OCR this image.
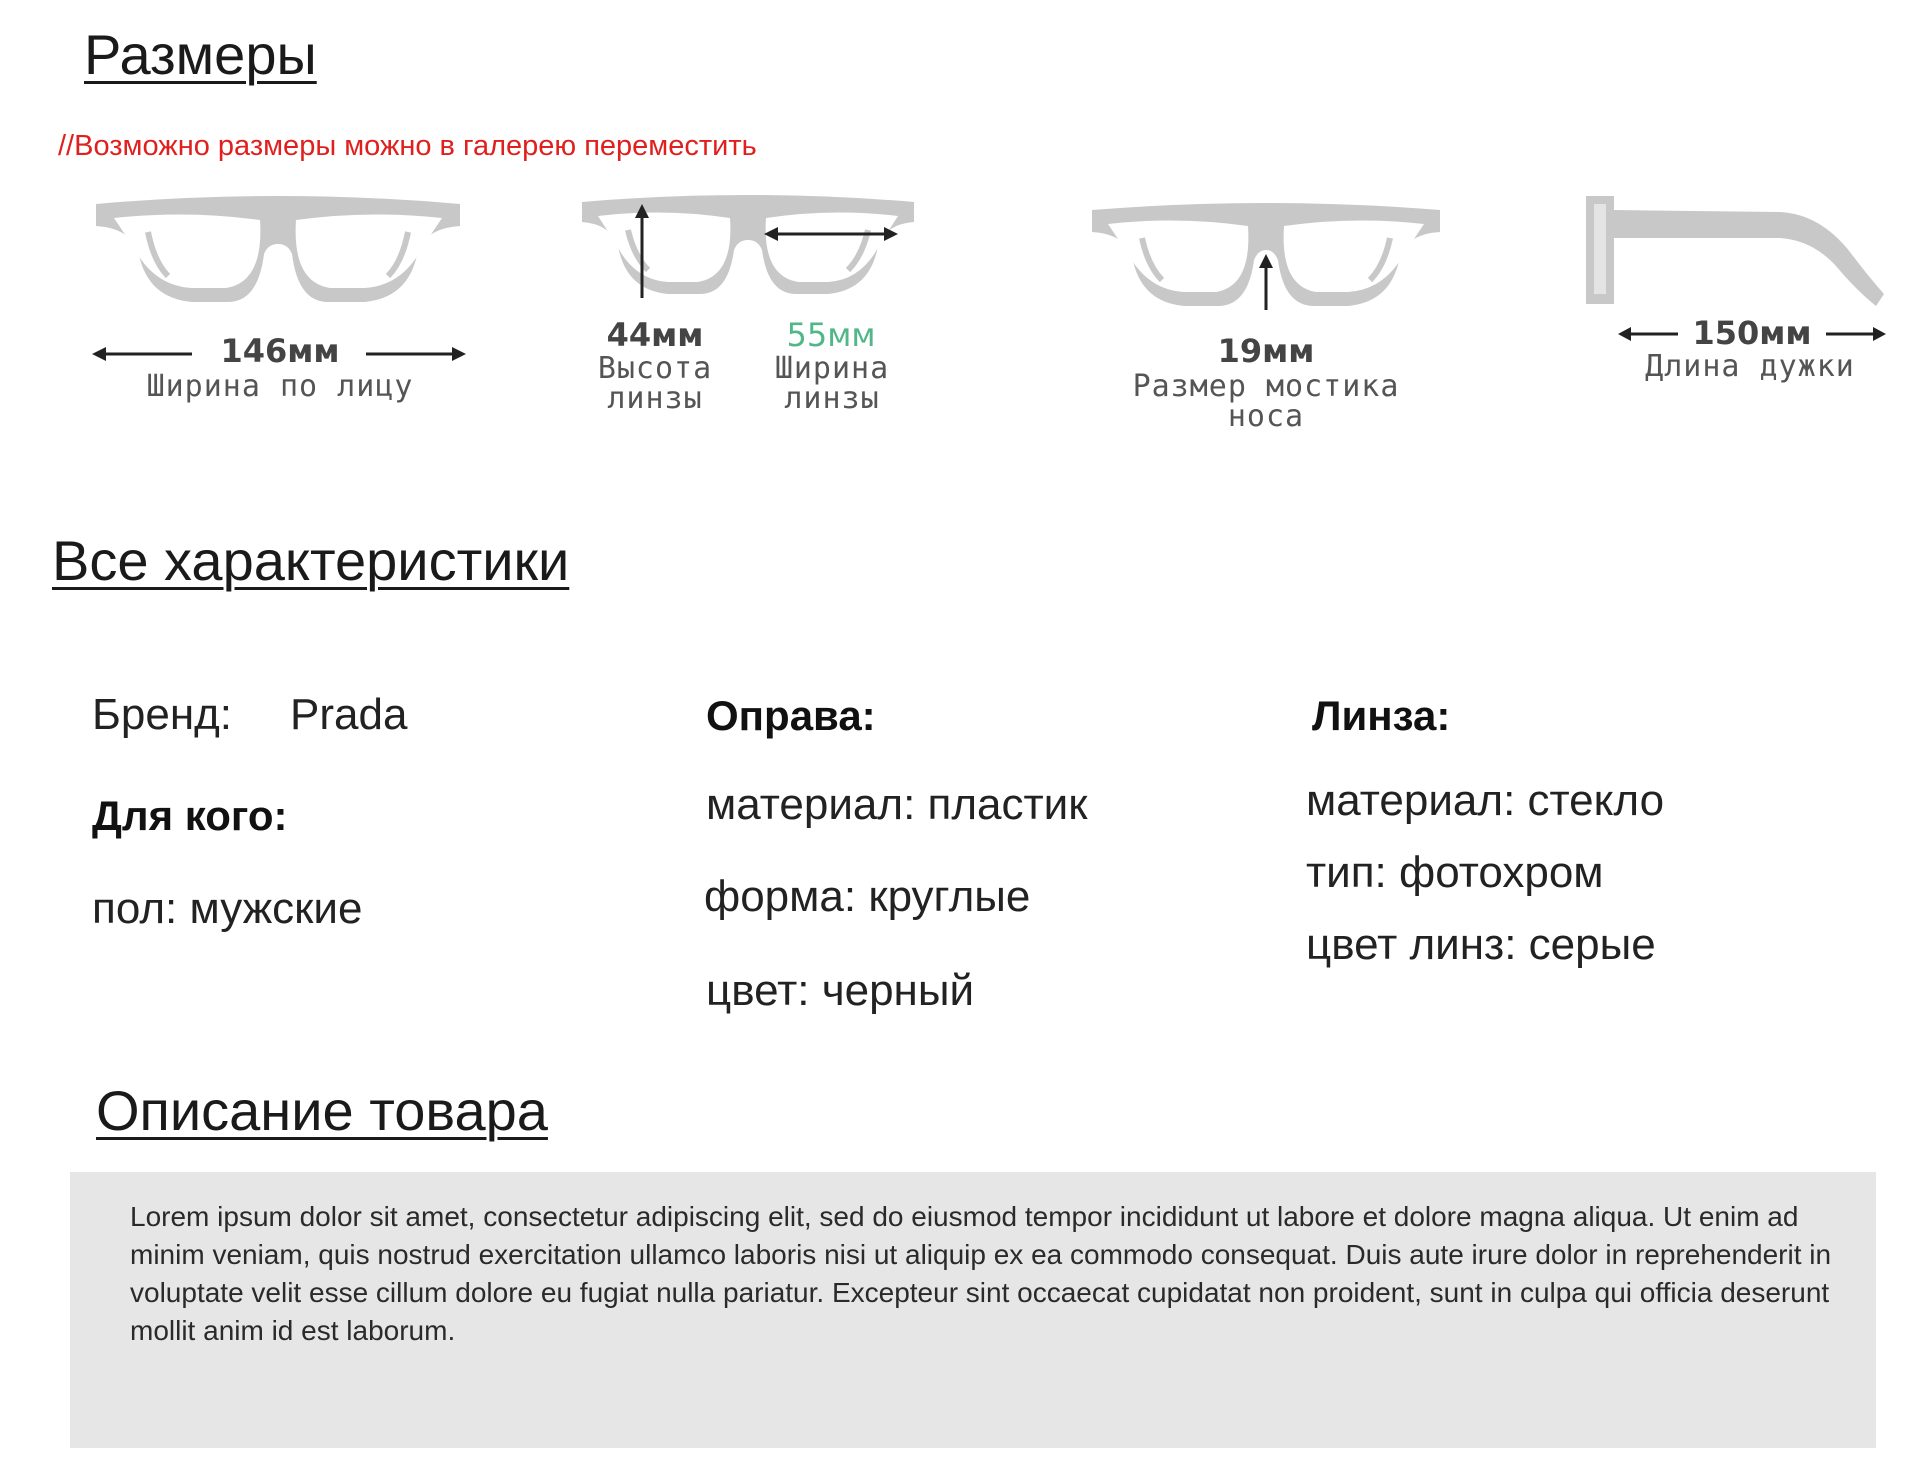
Размеры
//Возможно размеры можно в галерею переместить
146мм
Ширина по лицу
44мм
Высота
линзы
55мм
Ширина
линзы
19мм
Размер мостика
носа
150мм
Длина дужки
Все характеристики
Бренд: Prada
Для кого:
пол: мужские
Оправа:
материал: пластик
форма: круглые
цвет: черный
Линза:
материал: стекло
тип: фотохром
цвет линз: серые
Описание товара
Lorem ipsum dolor sit amet, consectetur adipiscing elit, sed do eiusmod tempor incididunt ut labore et dolore magna aliqua. Ut enim ad minim veniam, quis nostrud exercitation ullamco laboris nisi ut aliquip ex ea commodo consequat. Duis aute irure dolor in reprehenderit in voluptate velit esse cillum dolore eu fugiat nulla pariatur. Excepteur sint occaecat cupidatat non proident, sunt in culpa qui officia deserunt mollit anim id est laborum.
